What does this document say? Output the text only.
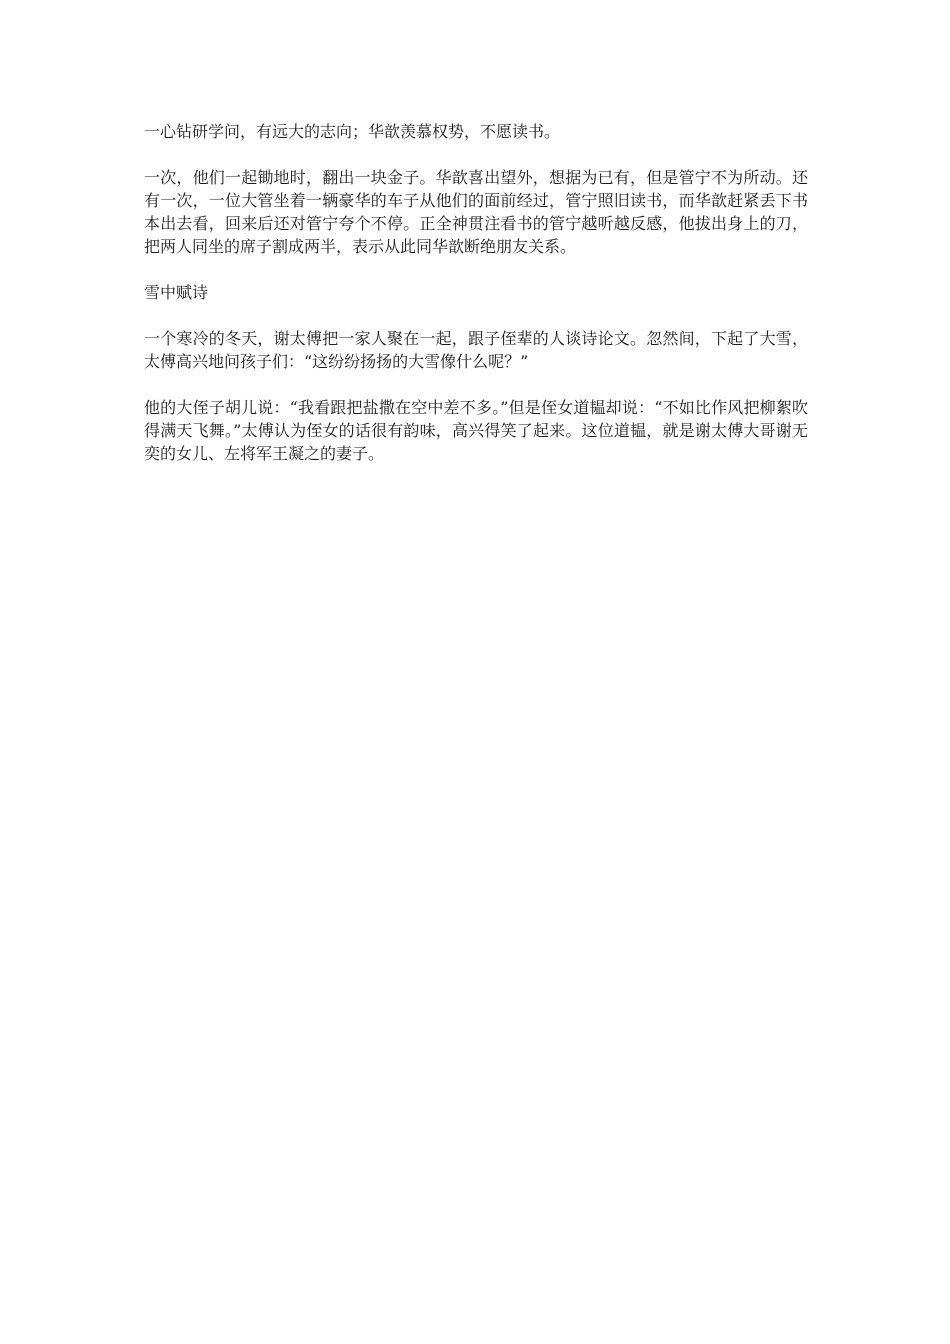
一心钻研学问，有远大的志向；华歆羡慕权势，不愿读书。

一次，他们一起锄地时，翻出一块金子。华歆喜出望外，想据为已有，但是管宁不为所动。还有一次，一位大管坐着一辆豪华的车子从他们的面前经过，管宁照旧读书，而华歆赶紧丢下书本出去看，回来后还对管宁夸个不停。正全神贯注看书的管宁越听越反感，他拔出身上的刀，把两人同坐的席子割成两半，表示从此同华歆断绝朋友关系。

雪中赋诗

一个寒冷的冬天，谢太傅把一家人聚在一起，跟子侄辈的人谈诗论文。忽然间，下起了大雪，太傅高兴地问孩子们：“这纷纷扬扬的大雪像什么呢？”

他的大侄子胡儿说：“我看跟把盐撒在空中差不多。”但是侄女道韫却说：“不如比作风把柳絮吹得满天飞舞。”太傅认为侄女的话很有韵味，高兴得笑了起来。这位道韫，就是谢太傅大哥谢无奕的女儿、左将军王凝之的妻子。
